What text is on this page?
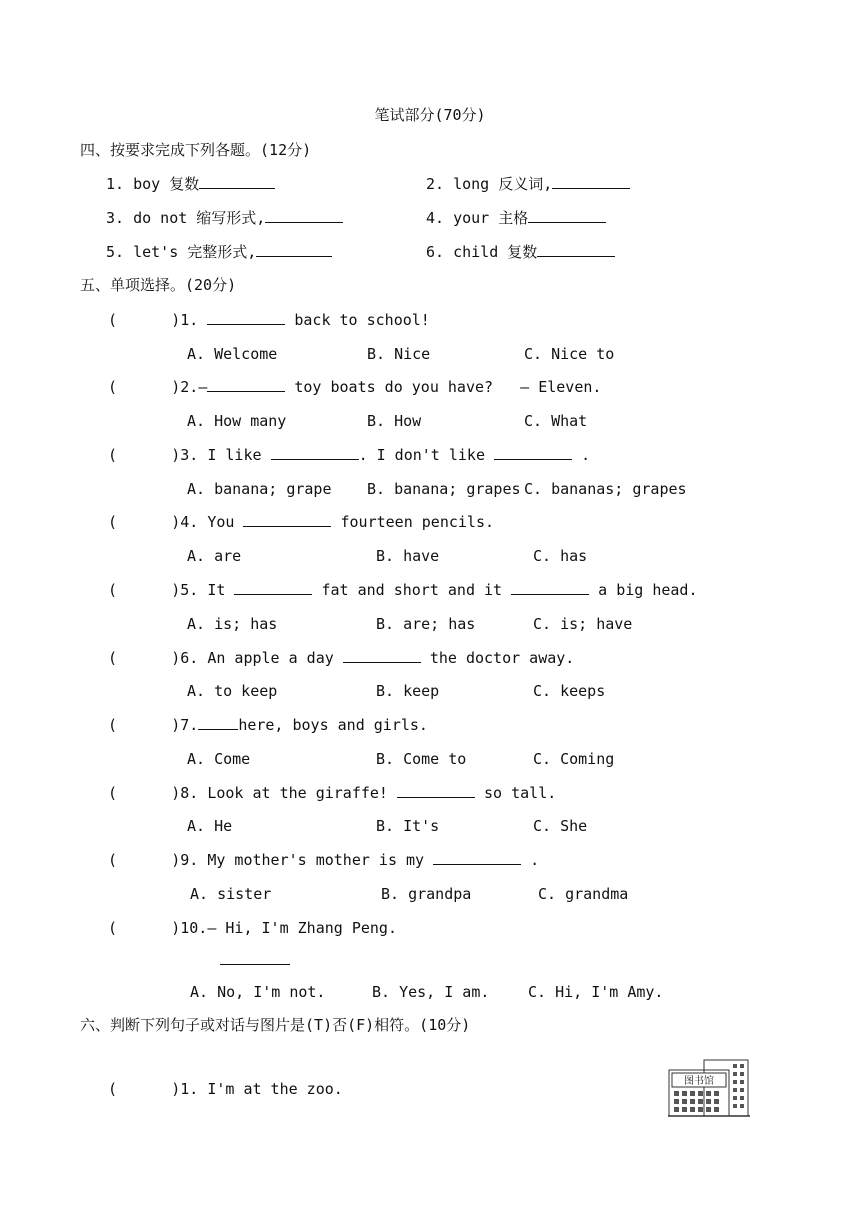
笔试部分(70分)
四、按要求完成下列各题。(12分)
1. boy 复数	2. long 反义词,
3. do not 缩写形式,	4. your 主格
5. let's 完整形式,	6. child 复数
五、单项选择。(20分)
(      )1.	back to school!
A. Welcome	B. Nice	C. Nice to
(      )2.—	toy boats do you have?   — Eleven.
A. How many	B. How	C. What
(      )3. I like	. I don't like	.
A. banana; grape B. banana; grapes C. bananas; grapes
(      )4. You	fourteen pencils.
A. are	B. have	C. has
(      )5. It	fat and short and it	a big head.
A. is; has	B. are; has	C. is; have
(      )6. An apple a day	the doctor away.
A. to keep	B. keep	C. keeps
(      )7.	here, boys and girls.
A. Come	B. Come to	C. Coming
(      )8. Look at the giraffe!	so tall.
A. He	B. It's	C. She
(      )9. My mother's mother is my	.
A. sister	B. grandpa	C. grandma
(      )10.— Hi, I'm Zhang Peng.
A. No, I'm not.	B. Yes, I am.	C. Hi, I'm Amy.
六、判断下列句子或对话与图片是(T)否(F)相符。(10分)
(      )1. I'm at the zoo.	图书馆
